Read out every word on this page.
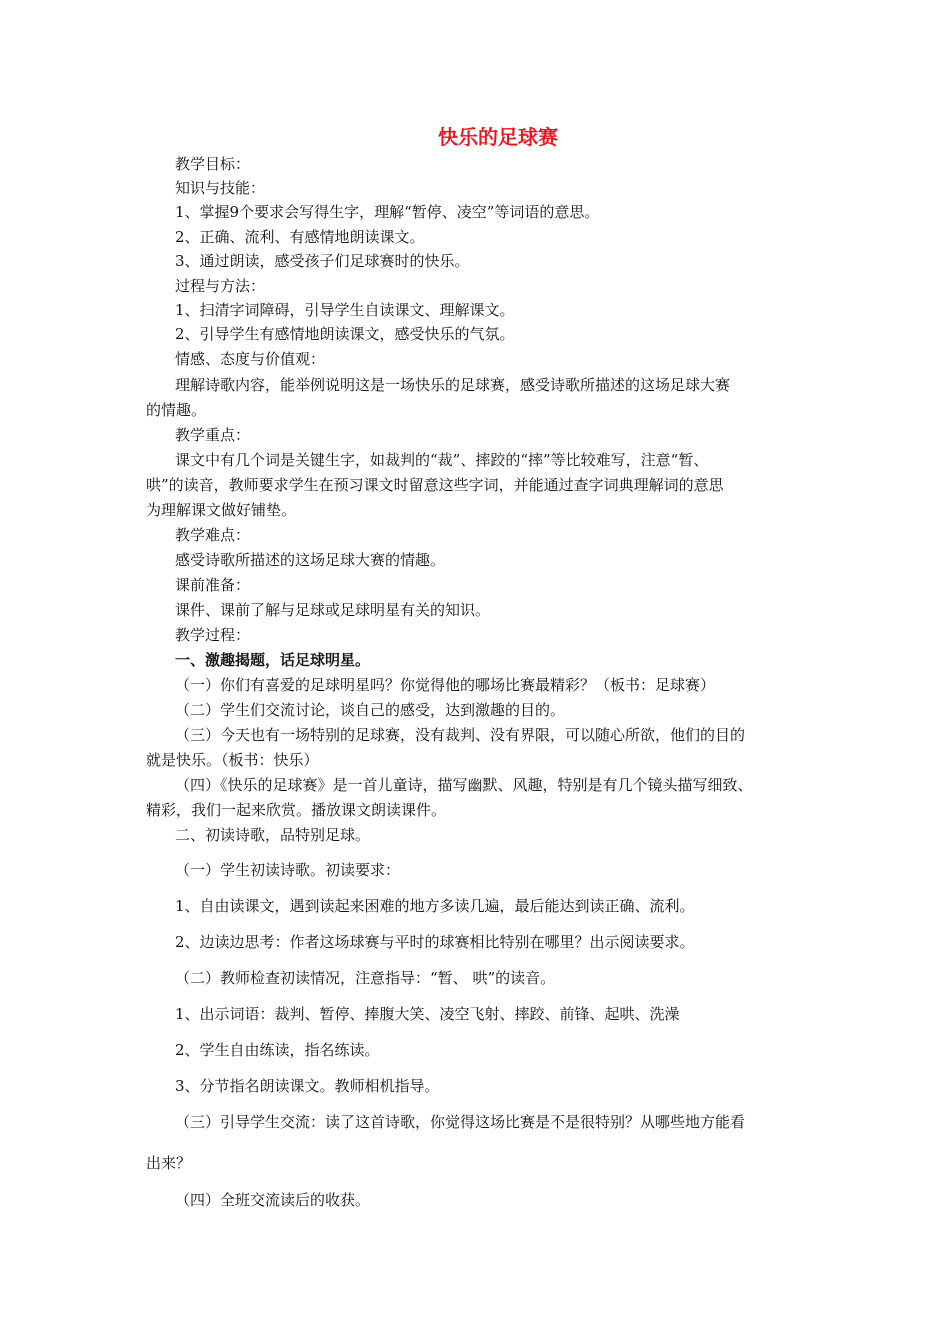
快乐的足球赛

教学目标：

知识与技能：

1、掌握9个要求会写得生字，理解“暂停、凌空”等词语的意思。

2、正确、流利、有感情地朗读课文。

3、通过朗读，感受孩子们足球赛时的快乐。

过程与方法：

1、扫清字词障碍，引导学生自读课文、理解课文。

2、引导学生有感情地朗读课文，感受快乐的气氛。

情感、态度与价值观：

理解诗歌内容，能举例说明这是一场快乐的足球赛，感受诗歌所描述的这场足球大赛

的情趣。

教学重点：

课文中有几个词是关键生字，如裁判的“裁”、摔跤的“摔”等比较难写，注意“暂、

哄”的读音，教师要求学生在预习课文时留意这些字词，并能通过查字词典理解词的意思

为理解课文做好铺垫。

教学难点：

感受诗歌所描述的这场足球大赛的情趣。

课前准备：

课件、课前了解与足球或足球明星有关的知识。

教学过程：

一、激趣揭题，话足球明星。

（一）你们有喜爱的足球明星吗？你觉得他的哪场比赛最精彩？（板书：足球赛）

（二）学生们交流讨论，谈自己的感受，达到激趣的目的。

（三）今天也有一场特别的足球赛，没有裁判、没有界限，可以随心所欲，他们的目的

就是快乐。（板书：快乐）

（四）《快乐的足球赛》是一首儿童诗，描写幽默、风趣，特别是有几个镜头描写细致、

精彩，我们一起来欣赏。播放课文朗读课件。

二、初读诗歌，品特别足球。

（一）学生初读诗歌。初读要求：

1、自由读课文，遇到读起来困难的地方多读几遍，最后能达到读正确、流利。

2、边读边思考：作者这场球赛与平时的球赛相比特别在哪里？出示阅读要求。

（二）教师检查初读情况，注意指导：“暂、 哄”的读音。

1、出示词语：裁判、暂停、捧腹大笑、凌空飞射、摔跤、前锋、起哄、洗澡

2、学生自由练读，指名练读。

3、分节指名朗读课文。教师相机指导。

（三）引导学生交流：读了这首诗歌，你觉得这场比赛是不是很特别？从哪些地方能看

出来？

（四）全班交流读后的收获。
